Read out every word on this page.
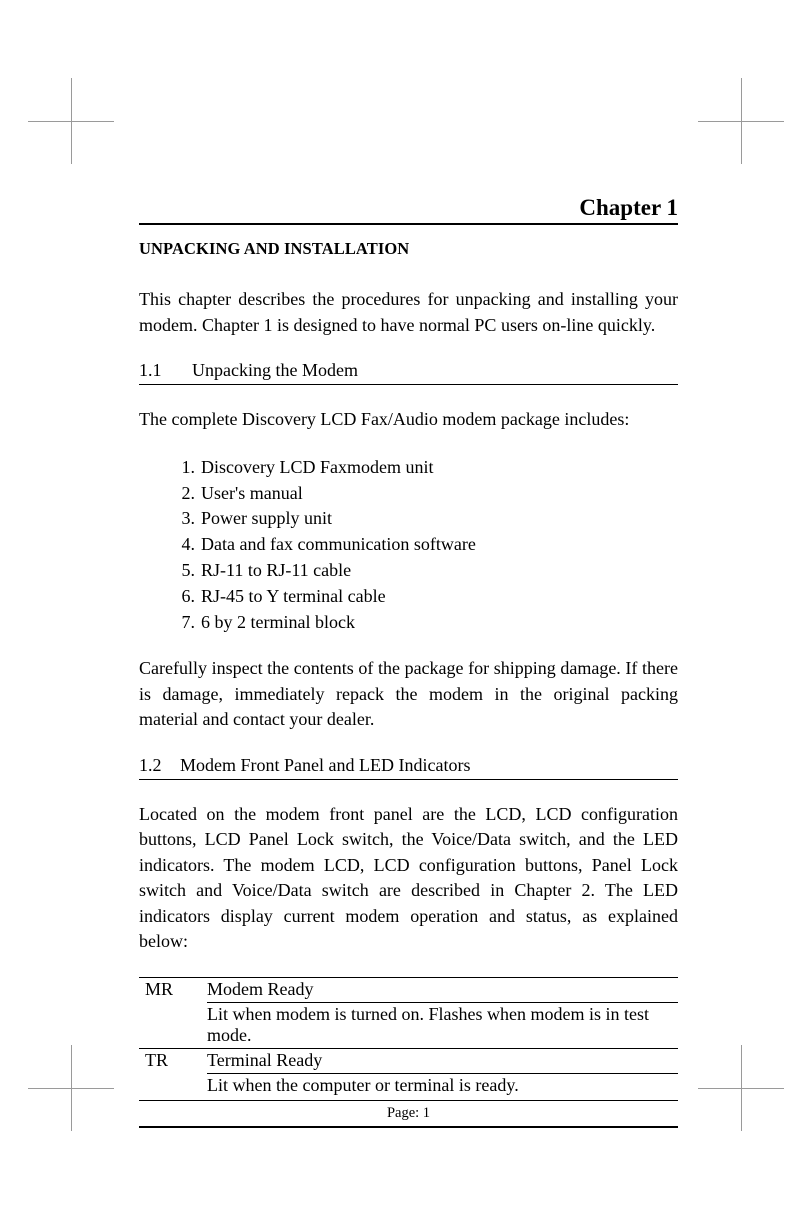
Chapter 1
UNPACKING AND INSTALLATION

This chapter describes the procedures for unpacking and installing your modem. Chapter 1 is designed to have normal PC users on-line quickly.

1.1 Unpacking the Modem

The complete Discovery LCD Fax/Audio modem package includes:

1. Discovery LCD Faxmodem unit
2. User's manual
3. Power supply unit
4. Data and fax communication software
5. RJ-11 to RJ-11 cable
6. RJ-45 to Y terminal cable
7. 6 by 2 terminal block

Carefully inspect the contents of the package for shipping damage. If there is damage, immediately repack the modem in the original packing material and contact your dealer.

1.2 Modem Front Panel and LED Indicators

Located on the modem front panel are the LCD, LCD configuration buttons, LCD Panel Lock switch, the Voice/Data switch, and the LED indicators. The modem LCD, LCD configuration buttons, Panel Lock switch and Voice/Data switch are described in Chapter 2. The LED indicators display current modem operation and status, as explained below:

MR	Modem Ready
	Lit when modem is turned on. Flashes when modem is in test mode.
TR	Terminal Ready
	Lit when the computer or terminal is ready.
Page: 1
